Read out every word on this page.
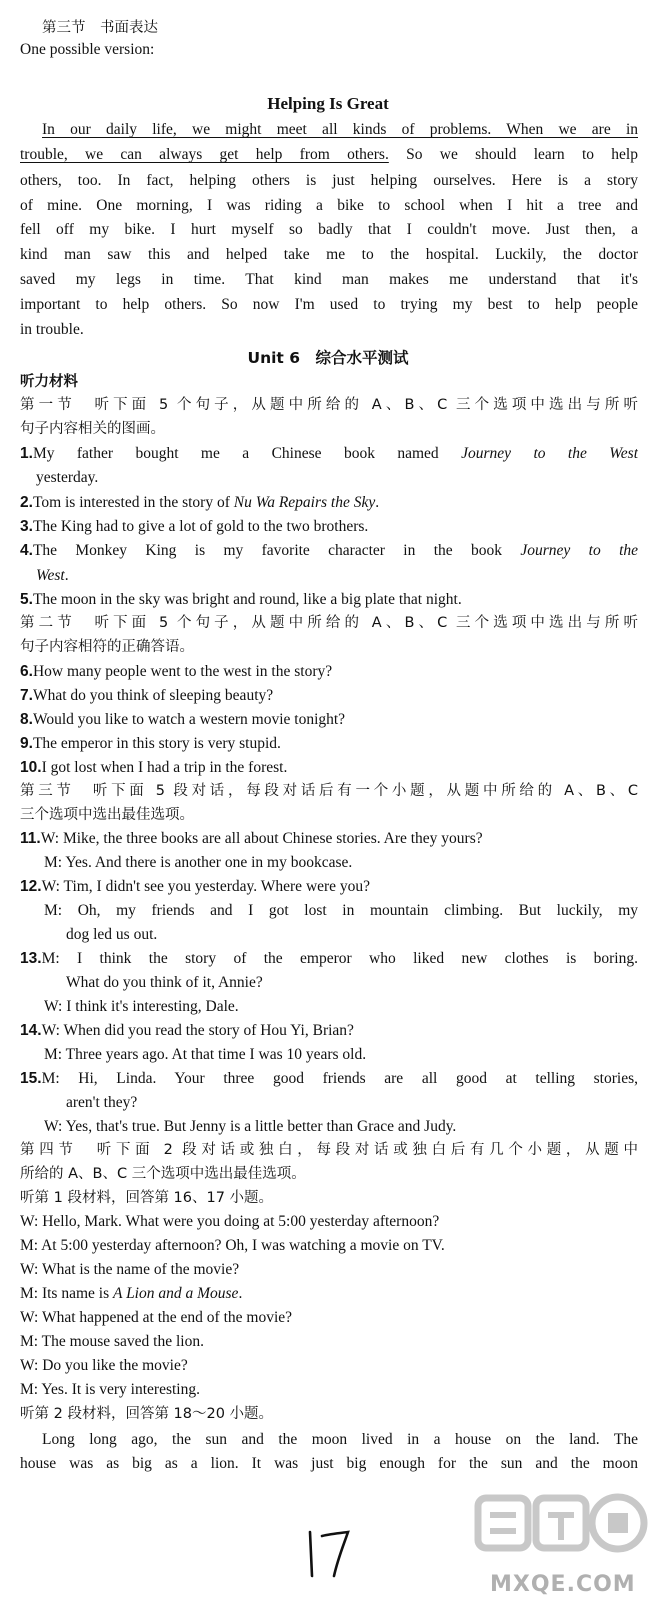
第三节　书面表达
One possible version:
Helping Is Great
In our daily life, we might meet all kinds of problems. When we are in
trouble, we can always get help from others. So we should learn to help
others, too. In fact, helping others is just helping ourselves. Here is a story
of mine. One morning, I was riding a bike to school when I hit a tree and
fell off my bike. I hurt myself so badly that I couldn't move. Just then, a
kind man saw this and helped take me to the hospital. Luckily, the doctor
saved my legs in time. That kind man makes me understand that it's
important to help others. So now I'm used to trying my best to help people
in trouble.
Unit 6　综合水平测试
听力材料
第一节　听下面 5 个句子，从题中所给的 A、B、C 三个选项中选出与所听
句子内容相关的图画。
1.My father bought me a Chinese book named Journey to the West
yesterday.
2.Tom is interested in the story of Nu Wa Repairs the Sky.
3.The King had to give a lot of gold to the two brothers.
4.The Monkey King is my favorite character in the book Journey to the
West.
5.The moon in the sky was bright and round, like a big plate that night.
第二节　听下面 5 个句子，从题中所给的 A、B、C 三个选项中选出与所听
句子内容相符的正确答语。
6.How many people went to the west in the story?
7.What do you think of sleeping beauty?
8.Would you like to watch a western movie tonight?
9.The emperor in this story is very stupid.
10.I got lost when I had a trip in the forest.
第三节　听下面 5 段对话，每段对话后有一个小题，从题中所给的 A、B、C
三个选项中选出最佳选项。
11.W: Mike, the three books are all about Chinese stories. Are they yours?
M: Yes. And there is another one in my bookcase.
12.W: Tim, I didn't see you yesterday. Where were you?
M: Oh, my friends and I got lost in mountain climbing. But luckily, my
dog led us out.
13.M: I think the story of the emperor who liked new clothes is boring.
What do you think of it, Annie?
W: I think it's interesting, Dale.
14.W: When did you read the story of Hou Yi, Brian?
M: Three years ago. At that time I was 10 years old.
15.M: Hi, Linda. Your three good friends are all good at telling stories,
aren't they?
W: Yes, that's true. But Jenny is a little better than Grace and Judy.
第四节　听下面 2 段对话或独白，每段对话或独白后有几个小题，从题中
所给的 A、B、C 三个选项中选出最佳选项。
听第 1 段材料，回答第 16、17 小题。
W: Hello, Mark. What were you doing at 5:00 yesterday afternoon?
M: At 5:00 yesterday afternoon? Oh, I was watching a movie on TV.
W: What is the name of the movie?
M: Its name is A Lion and a Mouse.
W: What happened at the end of the movie?
M: The mouse saved the lion.
W: Do you like the movie?
M: Yes. It is very interesting.
听第 2 段材料，回答第 18～20 小题。
Long long ago, the sun and the moon lived in a house on the land. The
house was as big as a lion. It was just big enough for the sun and the moon
MXQE.COM
